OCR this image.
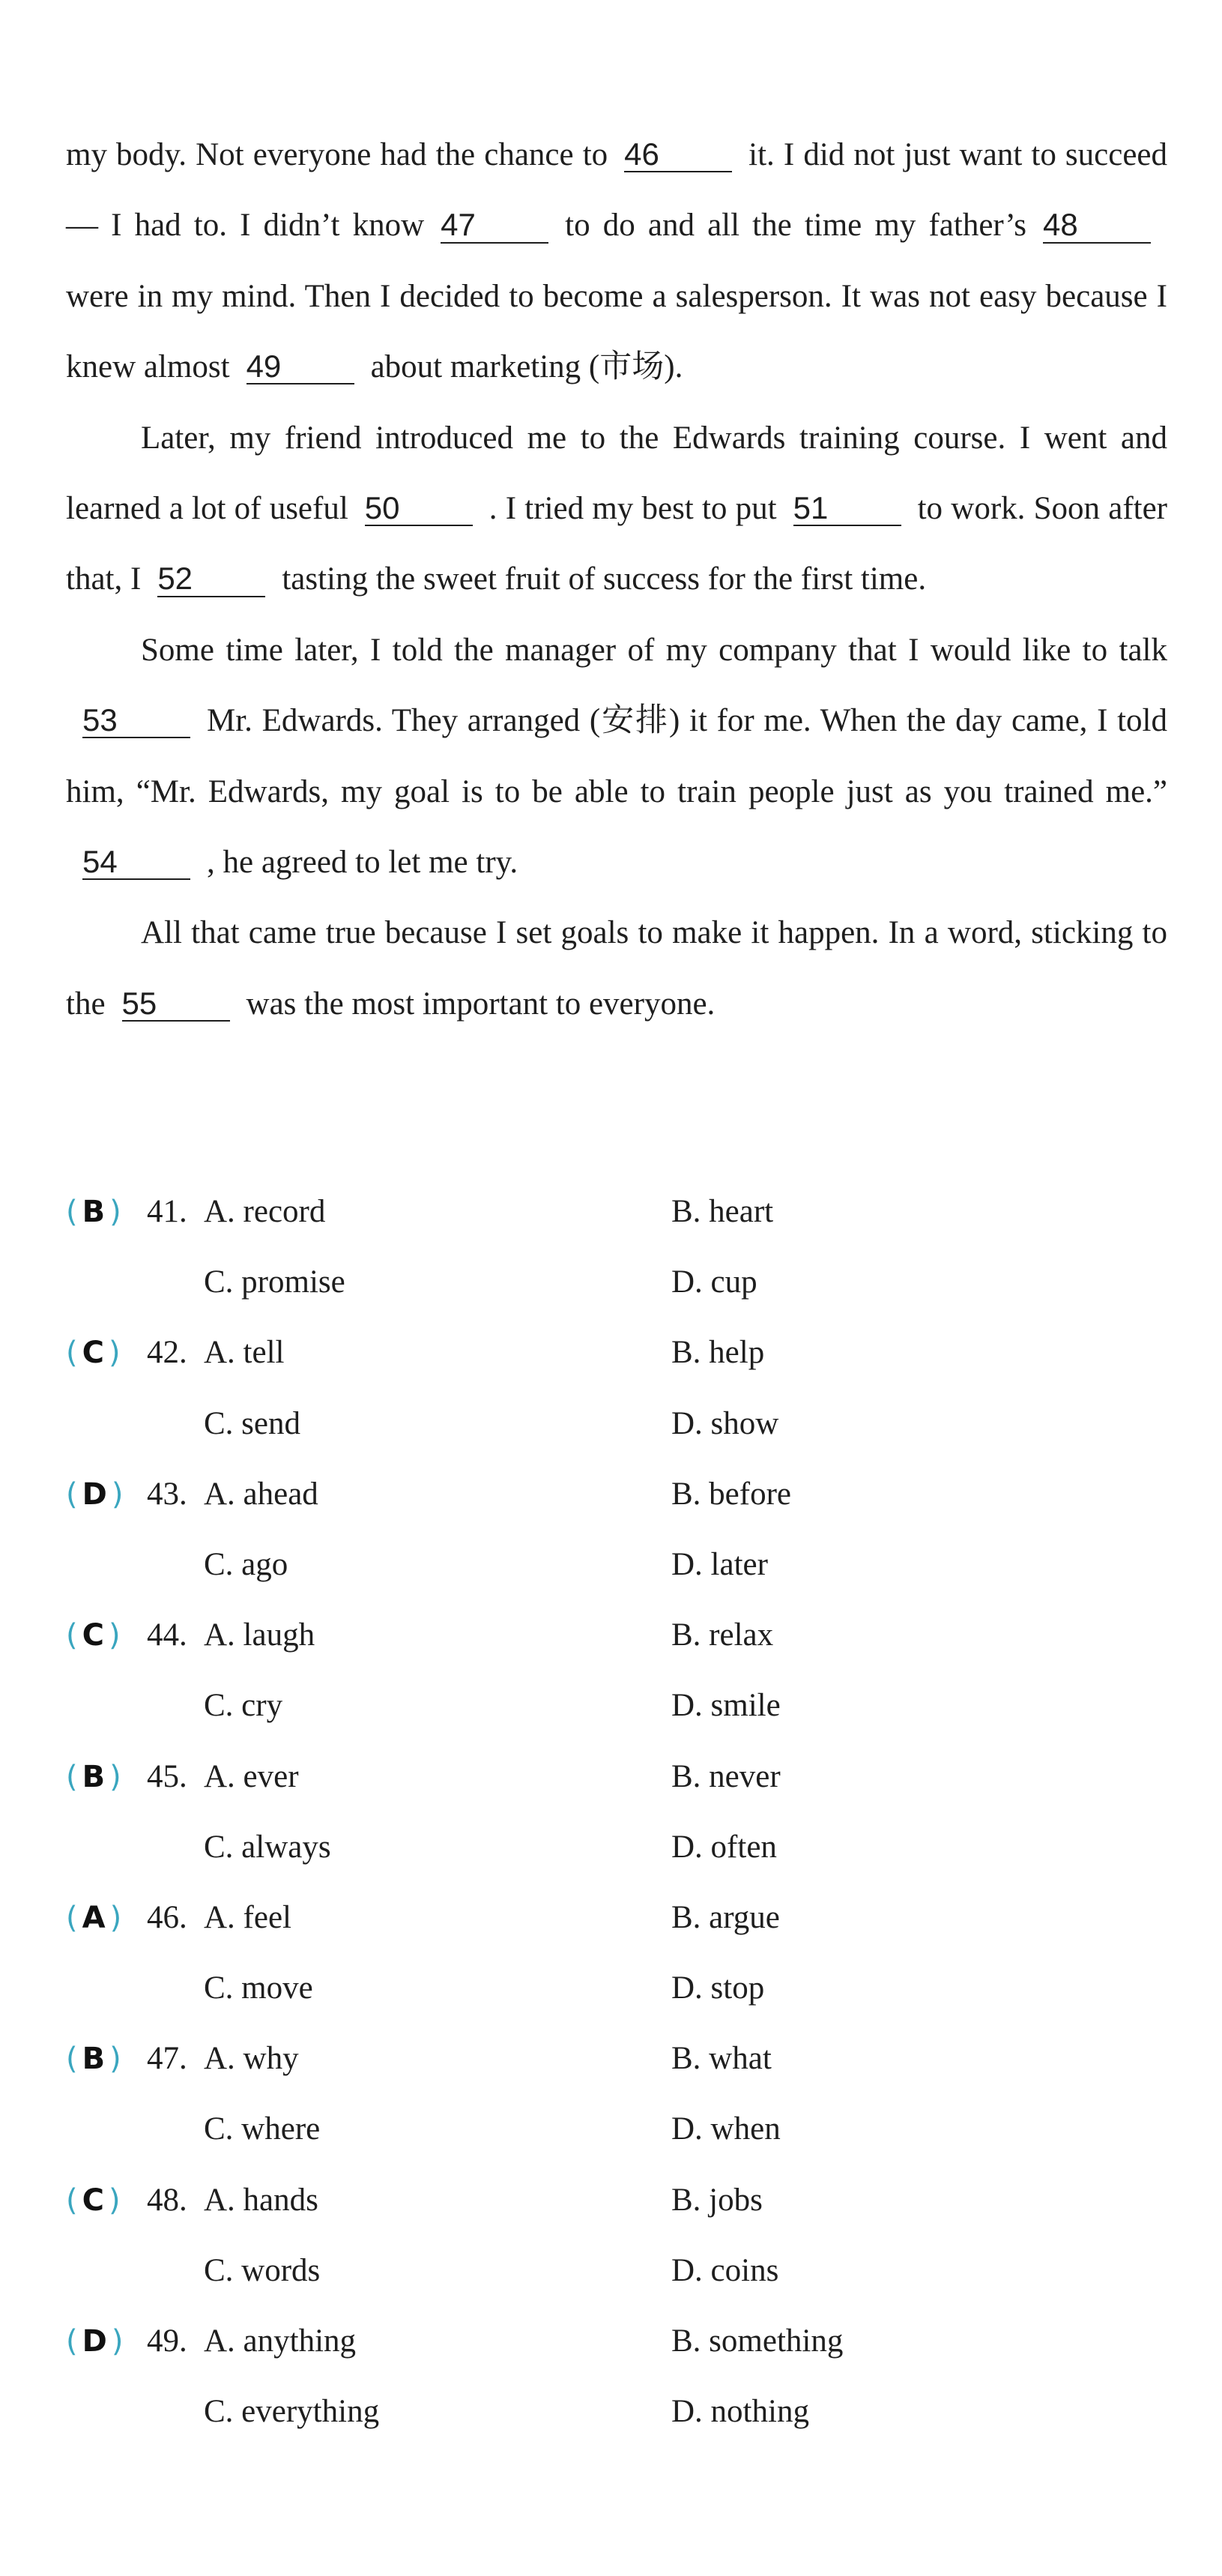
my body. Not everyone had the chance to 46	it. I did not just want to succeed — I had to. I didn’t know 47	to do and all the time my father’s 48were in my mind. Then I decided to become a salesperson. It was not easy because I knew almost 49	about marketing (市场).

Later, my friend introduced me to the Edwards training course. I went and learned a lot of useful 50	. I tried my best to put 51	to work. Soon after that, I 52	tasting the sweet fruit of success for the first time.

Some time later, I told the manager of my company that I would like to talk53	Mr. Edwards. They arranged (安排) it for me. When the day came, I told him, “Mr. Edwards, my goal is to be able to train people just as you trained me.”54	, he agreed to let me try.

All that came true because I set goals to make it happen. In a word, sticking to the 55	was the most important to everyone.

( B ) 41. A. record	B. heart
C. promise	D. cup
( C ) 42. A. tell	B. help
C. send	D. show
( D ) 43. A. ahead	B. before
C. ago	D. later
( C ) 44. A. laugh	B. relax
C. cry	D. smile
( B ) 45. A. ever	B. never
C. always	D. often
( A ) 46. A. feel	B. argue
C. move	D. stop
( B ) 47. A. why	B. what
C. where	D. when
( C ) 48. A. hands	B. jobs
C. words	D. coins
( D ) 49. A. anything	B. something
C. everything	D. nothing
